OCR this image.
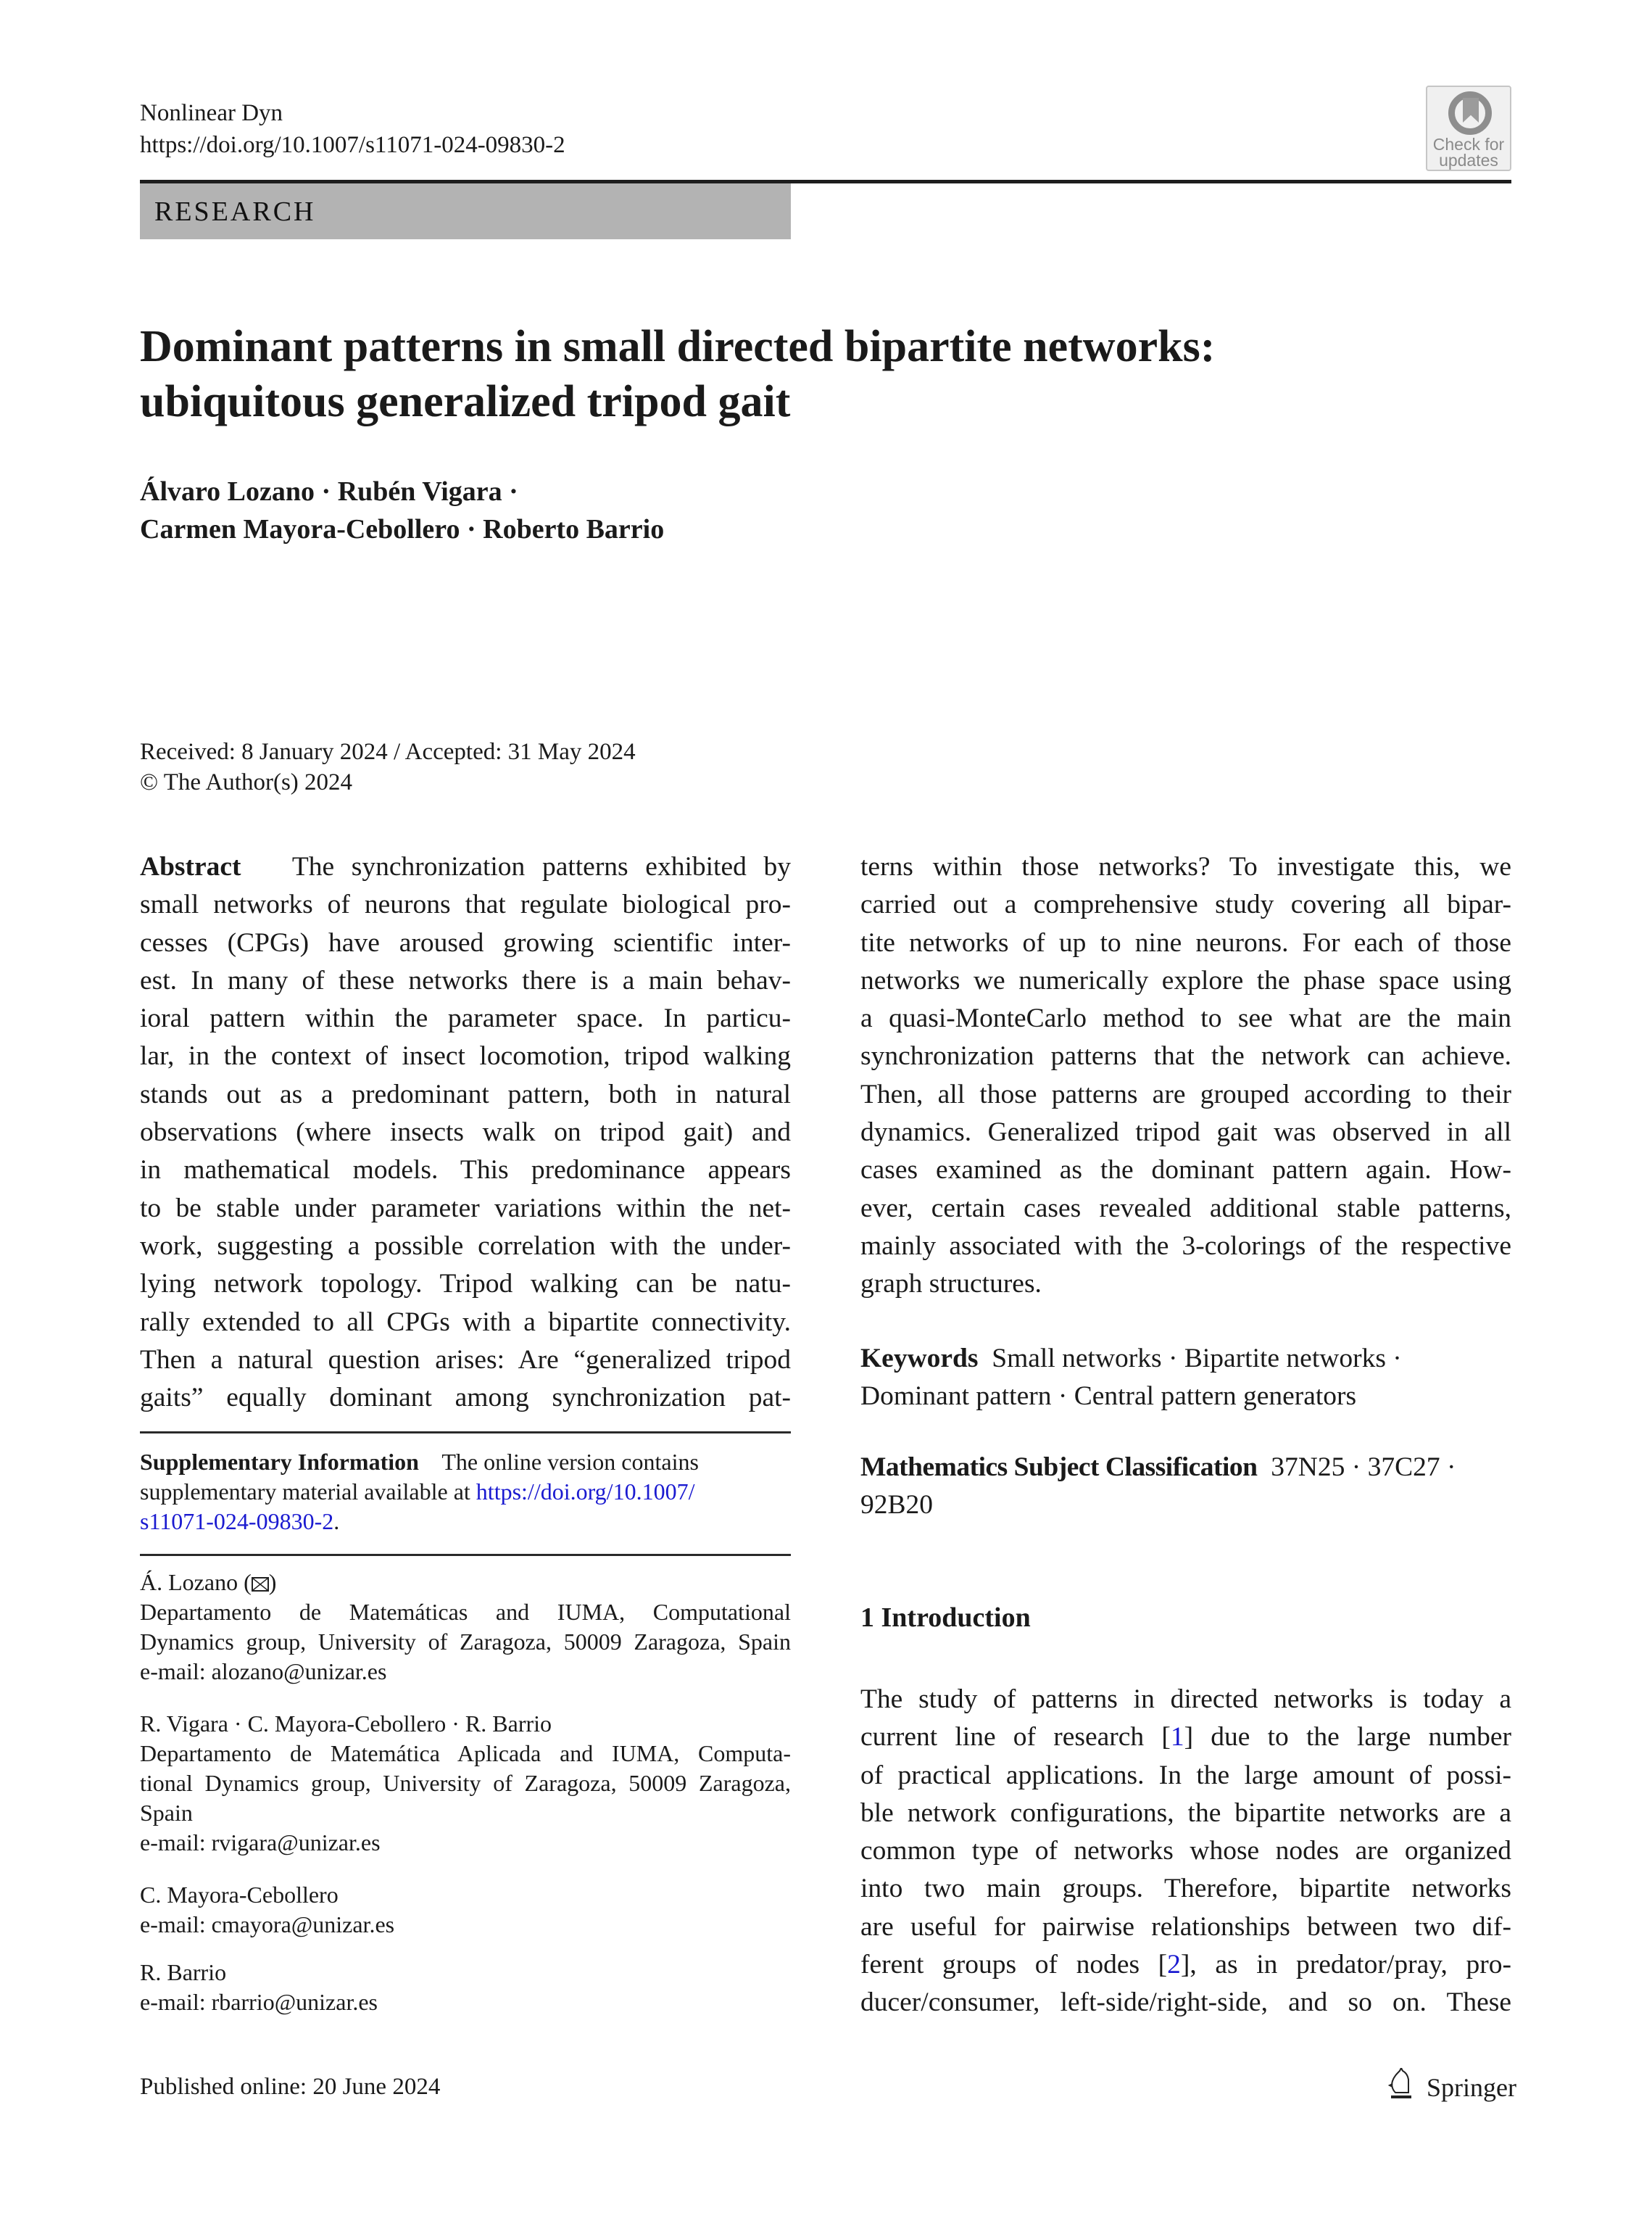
Nonlinear Dyn
https://doi.org/10.1007/s11071-024-09830-2	Check for
updates
RESEARCH
Dominant patterns in small directed bipartite networks:
ubiquitous generalized tripod gait
Álvaro Lozano · Rubén Vigara ·
Carmen Mayora-Cebollero · Roberto Barrio
Received: 8 January 2024 / Accepted: 31 May 2024
© The Author(s) 2024
Abstract The synchronization patterns exhibited by
small networks of neurons that regulate biological pro-
cesses (CPGs) have aroused growing scientific inter-
est. In many of these networks there is a main behav-
ioral pattern within the parameter space. In particu-
lar, in the context of insect locomotion, tripod walking
stands out as a predominant pattern, both in natural
observations (where insects walk on tripod gait) and
in mathematical models. This predominance appears
to be stable under parameter variations within the net-
work, suggesting a possible correlation with the under-
lying network topology. Tripod walking can be natu-
rally extended to all CPGs with a bipartite connectivity.
Then a natural question arises: Are “generalized tripod
gaits” equally dominant among synchronization pat-
Supplementary Information The online version contains
supplementary material available at https://doi.org/10.1007/
s11071-024-09830-2.
Á. Lozano ( )
Departamento de Matemáticas and IUMA, Computational
Dynamics group, University of Zaragoza, 50009 Zaragoza, Spain
e-mail: alozano@unizar.es
R. Vigara · C. Mayora-Cebollero · R. Barrio
Departamento de Matemática Aplicada and IUMA, Computa-
tional Dynamics group, University of Zaragoza, 50009 Zaragoza,
Spain
e-mail: rvigara@unizar.es
C. Mayora-Cebollero
e-mail: cmayora@unizar.es
R. Barrio
e-mail: rbarrio@unizar.es
terns within those networks? To investigate this, we
carried out a comprehensive study covering all bipar-
tite networks of up to nine neurons. For each of those
networks we numerically explore the phase space using
a quasi-MonteCarlo method to see what are the main
synchronization patterns that the network can achieve.
Then, all those patterns are grouped according to their
dynamics. Generalized tripod gait was observed in all
cases examined as the dominant pattern again. How-
ever, certain cases revealed additional stable patterns,
mainly associated with the 3-colorings of the respective
graph structures.
Keywords Small networks · Bipartite networks ·
Dominant pattern · Central pattern generators
Mathematics Subject Classification 37N25 · 37C27 ·
92B20
1 Introduction
The study of patterns in directed networks is today a
current line of research [1] due to the large number
of practical applications. In the large amount of possi-
ble network configurations, the bipartite networks are a
common type of networks whose nodes are organized
into two main groups. Therefore, bipartite networks
are useful for pairwise relationships between two dif-
ferent groups of nodes [2], as in predator/pray, pro-
ducer/consumer, left-side/right-side, and so on. These
Published online: 20 June 2024	Springer
